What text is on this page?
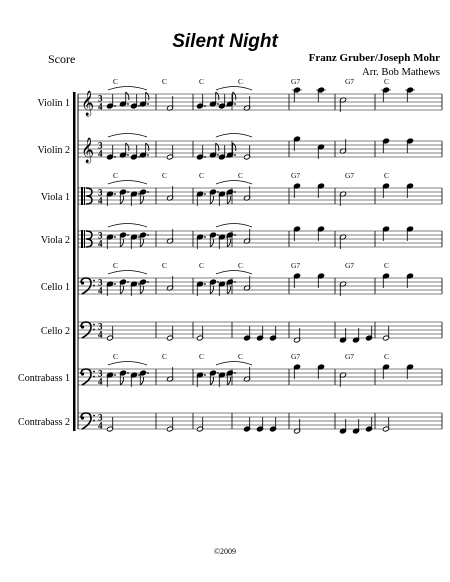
Silent Night
Score	Franz Gruber/Joseph Mohr
Arr. Bob Mathews
Violin 1
Violin 2
Viola 1
Viola 2
Cello 1
Cello 2
Contrabass 1
Contrabass 2
𝄞 3
4
C	C	C	C	G7	G7	C
𝄞 3
4
3
4
C	C	C	C	G7	G7	C
3
4
3
4
C	C	C	C	G7	G7	C
3
4
3
4
C	C	C	C	G7	G7	C
3
4
©2009
